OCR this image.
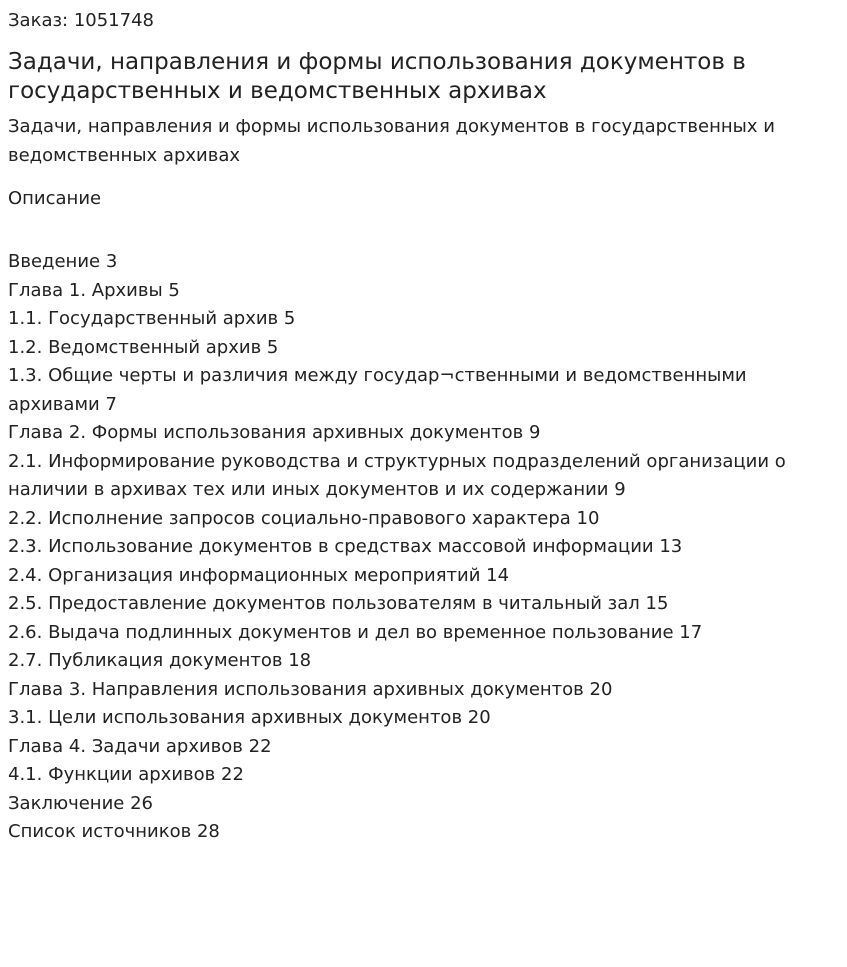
Заказ: 1051748

Задачи, направления и формы использования документов в государственных и ведомственных архивах

Задачи, направления и формы использования документов в государственных и ведомственных архивах

Описание

Введение 3
Глава 1. Архивы 5
1.1. Государственный архив 5
1.2. Ведомственный архив 5
1.3. Общие черты и различия между государ¬ственными и ведомственными архивами 7
Глава 2. Формы использования архивных документов 9
2.1. Информирование руководства и структурных подразделений организации о
наличии в архивах тех или иных документов и их содержании 9
2.2. Исполнение запросов социально-правового характера 10
2.3. Использование документов в средствах массовой информации 13
2.4. Организация информационных мероприятий 14
2.5. Предоставление документов пользователям в читальный зал 15
2.6. Выдача подлинных документов и дел во временное пользование 17
2.7. Публикация документов 18
Глава 3. Направления использования архивных документов 20
3.1. Цели использования архивных документов 20
Глава 4. Задачи архивов 22
4.1. Функции архивов 22
Заключение 26
Список источников 28
